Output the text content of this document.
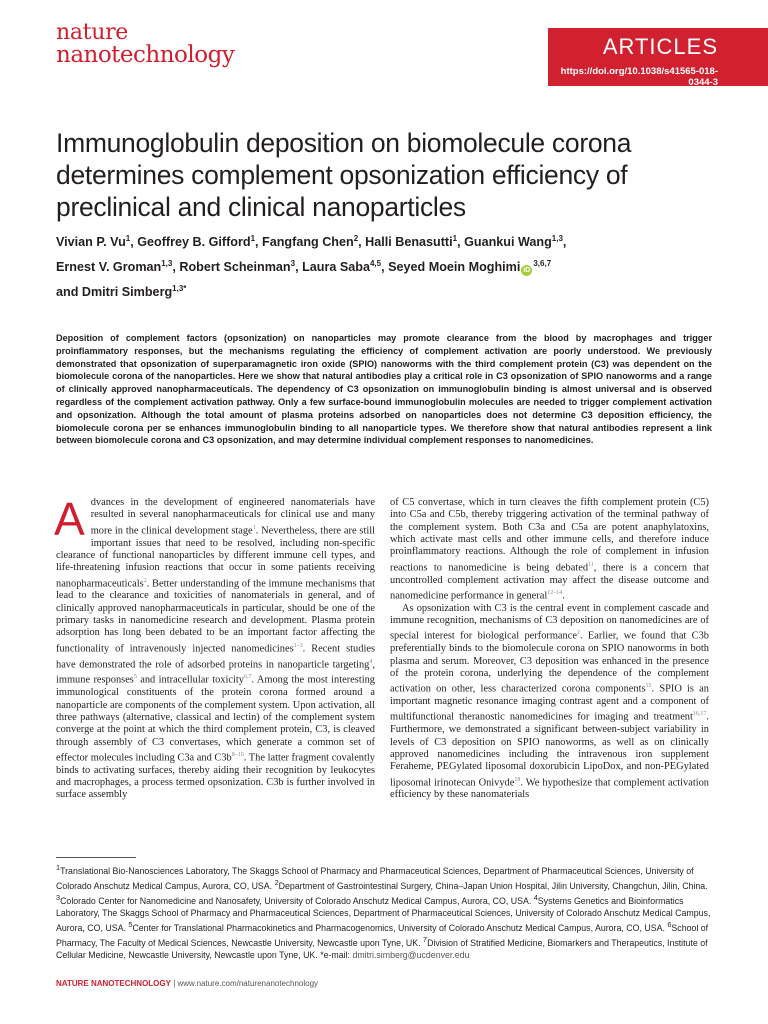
nature
nanotechnology	ARTICLES
https://doi.org/10.1038/s41565-018-0344-3
Immunoglobulin deposition on biomolecule corona determines complement opsonization efficiency of preclinical and clinical nanoparticles
Vivian P. Vu$^1$, Geoffrey B. Gifford$^1$, Fangfang Chen$^2$, Halli Benasutti$^1$, Guankui Wang$^{1,3}$,
Ernest V. Groman$^{1,3}$, Robert Scheinman$^3$, Laura Saba$^{4,5}$, Seyed Moein Moghimi iD$^{3,6,7}$
and Dmitri Simberg$^{1,3*}$

Deposition of complement factors (opsonization) on nanoparticles may promote clearance from the blood by macrophages and trigger proinflammatory responses, but the mechanisms regulating the efficiency of complement activation are poorly understood. We previously demonstrated that opsonization of superparamagnetic iron oxide (SPIO) nanoworms with the third complement protein (C3) was dependent on the biomolecule corona of the nanoparticles. Here we show that natural antibodies play a critical role in C3 opsonization of SPIO nanoworms and a range of clinically approved nanopharmaceuticals. The dependency of C3 opsonization on immunoglobulin binding is almost universal and is observed regardless of the complement activation pathway. Only a few surface-bound immunoglobulin molecules are needed to trigger complement activation and opsonization. Although the total amount of plasma proteins adsorbed on nanoparticles does not determine C3 deposition efficiency, the biomolecule corona per se enhances immunoglobulin binding to all nanoparticle types. We therefore show that natural antibodies represent a link between biomolecule corona and C3 opsonization, and may determine individual complement responses to nanomedicines.

Advances in the development of engineered nanomaterials have resulted in several nanopharmaceuticals for clinical use and many more in the clinical development stage$^1$. Nevertheless, there are still important issues that need to be resolved, including non-specific clearance of functional nanoparticles by different immune cell types, and life-threatening infusion reactions that occur in some patients receiving nanopharmaceuticals$^2$. Better understanding of the immune mechanisms that lead to the clearance and toxicities of nanomaterials in general, and of clinically approved nanopharmaceuticals in particular, should be one of the primary tasks in nanomedicine research and development. Plasma protein adsorption has long been debated to be an important factor affecting the functionality of intravenously injected nanomedicines$^{1-3}$. Recent studies have demonstrated the role of adsorbed proteins in nanoparticle targeting$^4$, immune responses$^5$ and intracellular toxicity$^{6,7}$. Among the most interesting immunological constituents of the protein corona formed around a nanoparticle are components of the complement system. Upon activation, all three pathways (alternative, classical and lectin) of the complement system converge at the point at which the third complement protein, C3, is cleaved through assembly of C3 convertases, which generate a common set of effector molecules including C3a and $C3b^{8-10}$. The latter fragment covalently binds to activating surfaces, thereby aiding their recognition by leukocytes and macrophages, a process termed opsonization. C3b is further involved in surface assembly

of C5 convertase, which in turn cleaves the fifth complement protein (C5) into C5a and C5b, thereby triggering activation of the terminal pathway of the complement system. Both C3a and C5a are potent anaphylatoxins, which activate mast cells and other immune cells, and therefore induce proinflammatory reactions. Although the role of complement in infusion reactions to nanomedicine is being debated$^{11}$, there is a concern that uncontrolled complement activation may affect the disease outcome and nanomedicine performance in general$^{12-14}$.

As opsonization with C3 is the central event in complement cascade and immune recognition, mechanisms of C3 deposition on nanomedicines are of special interest for biological performance$^2$. Earlier, we found that C3b preferentially binds to the biomolecule corona on SPIO nanoworms in both plasma and serum. Moreover, C3 deposition was enhanced in the presence of the protein corona, underlying the dependence of the complement activation on other, less characterized corona components$^{15}$. SPIO is an important magnetic resonance imaging contrast agent and a component of multifunctional theranostic nanomedicines for imaging and treatment$^{16,17}$. Furthermore, we demonstrated a significant between-subject variability in levels of C3 deposition on SPIO nanoworms, as well as on clinically approved nanomedicines including the intravenous iron supplement Feraheme, PEGylated liposomal doxorubicin LipoDox, and non-PEGylated liposomal irinotecan Onivyde$^{18}$. We hypothesize that complement activation efficiency by these nanomaterials

$^1$Translational Bio-Nanosciences Laboratory, The Skaggs School of Pharmacy and Pharmaceutical Sciences, Department of Pharmaceutical Sciences, University of Colorado Anschutz Medical Campus, Aurora, CO, USA. $^2$Department of Gastrointestinal Surgery, China–Japan Union Hospital, Jilin University, Changchun, Jilin, China. $^3$Colorado Center for Nanomedicine and Nanosafety, University of Colorado Anschutz Medical Campus, Aurora, CO, USA. $^4$Systems Genetics and Bioinformatics Laboratory, The Skaggs School of Pharmacy and Pharmaceutical Sciences, Department of Pharmaceutical Sciences, University of Colorado Anschutz Medical Campus, Aurora, CO, USA. $^5$Center for Translational Pharmacokinetics and Pharmacogenomics, University of Colorado Anschutz Medical Campus, Aurora, CO, USA. $^6$School of Pharmacy, The Faculty of Medical Sciences, Newcastle University, Newcastle upon Tyne, UK. $^7$Division of Stratified Medicine, Biomarkers and Therapeutics, Institute of Cellular Medicine, Newcastle University, Newcastle upon Tyne, UK. *e-mail: dmitri.simberg@ucdenver.edu

NATURE NANOTECHNOLOGY | www.nature.com/naturenanotechnology
